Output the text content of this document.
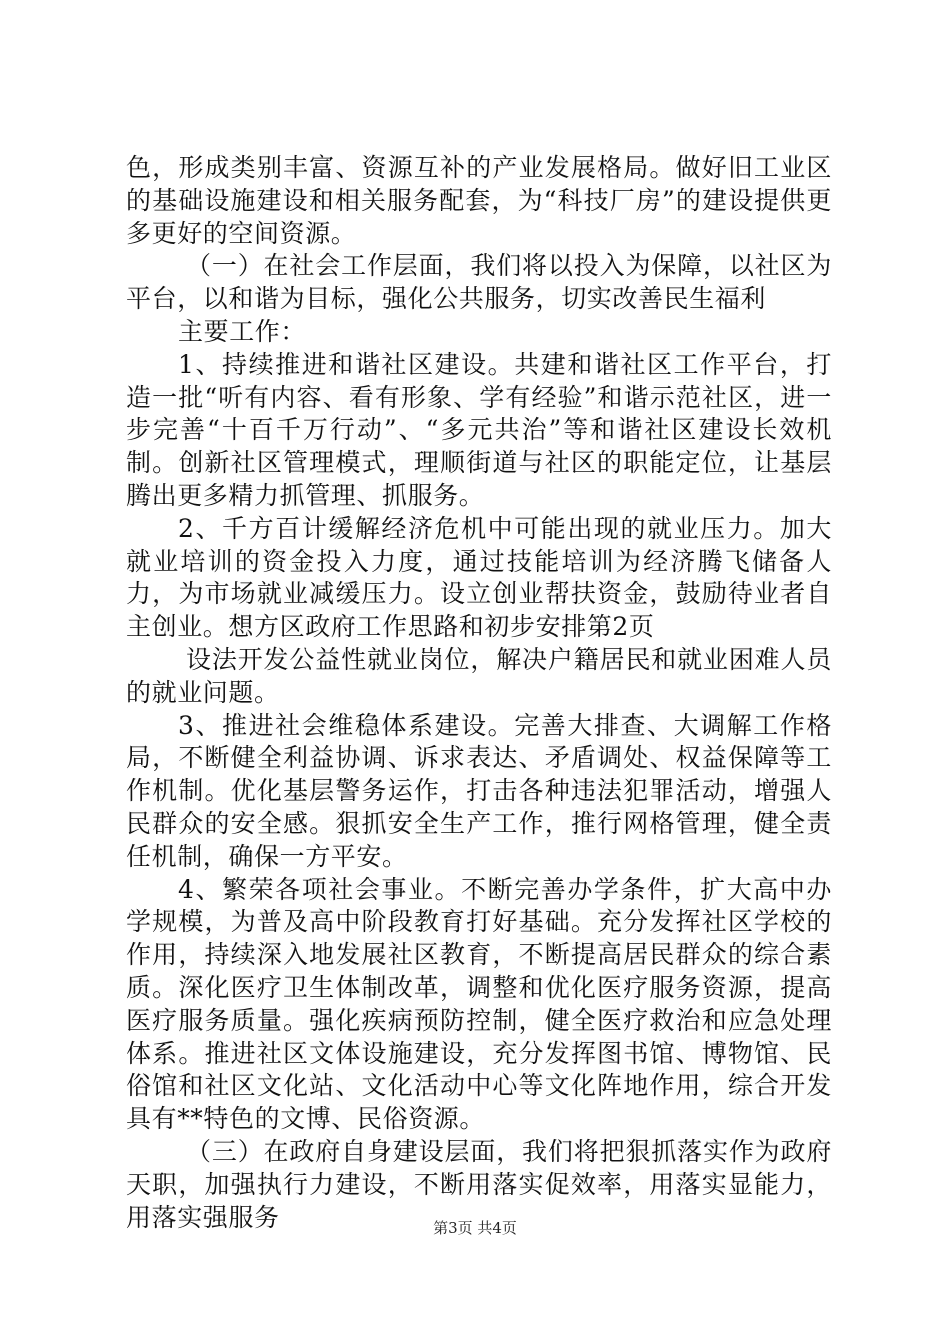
色，形成类别丰富、资源互补的产业发展格局。做好旧工业区的基础设施建设和相关服务配套，为“科技厂房”的建设提供更多更好的空间资源。

（一）在社会工作层面，我们将以投入为保障，以社区为平台，以和谐为目标，强化公共服务，切实改善民生福利

主要工作：

1、持续推进和谐社区建设。共建和谐社区工作平台，打造一批“听有内容、看有形象、学有经验”和谐示范社区，进一步完善“十百千万行动”、“多元共治”等和谐社区建设长效机制。创新社区管理模式，理顺街道与社区的职能定位，让基层腾出更多精力抓管理、抓服务。

2、千方百计缓解经济危机中可能出现的就业压力。加大就业培训的资金投入力度，通过技能培训为经济腾飞储备人力，为市场就业减缓压力。设立创业帮扶资金，鼓励待业者自主创业。想方区政府工作思路和初步安排第2页

设法开发公益性就业岗位，解决户籍居民和就业困难人员的就业问题。

3、推进社会维稳体系建设。完善大排查、大调解工作格局，不断健全利益协调、诉求表达、矛盾调处、权益保障等工作机制。优化基层警务运作，打击各种违法犯罪活动，增强人民群众的安全感。狠抓安全生产工作，推行网格管理，健全责任机制，确保一方平安。

4、繁荣各项社会事业。不断完善办学条件，扩大高中办学规模，为普及高中阶段教育打好基础。充分发挥社区学校的作用，持续深入地发展社区教育，不断提高居民群众的综合素质。深化医疗卫生体制改革，调整和优化医疗服务资源，提高医疗服务质量。强化疾病预防控制，健全医疗救治和应急处理体系。推进社区文体设施建设，充分发挥图书馆、博物馆、民俗馆和社区文化站、文化活动中心等文化阵地作用，综合开发具有**特色的文博、民俗资源。

（三）在政府自身建设层面，我们将把狠抓落实作为政府天职，加强执行力建设，不断用落实促效率，用落实显能力，用落实强服务	第3页 共4页
